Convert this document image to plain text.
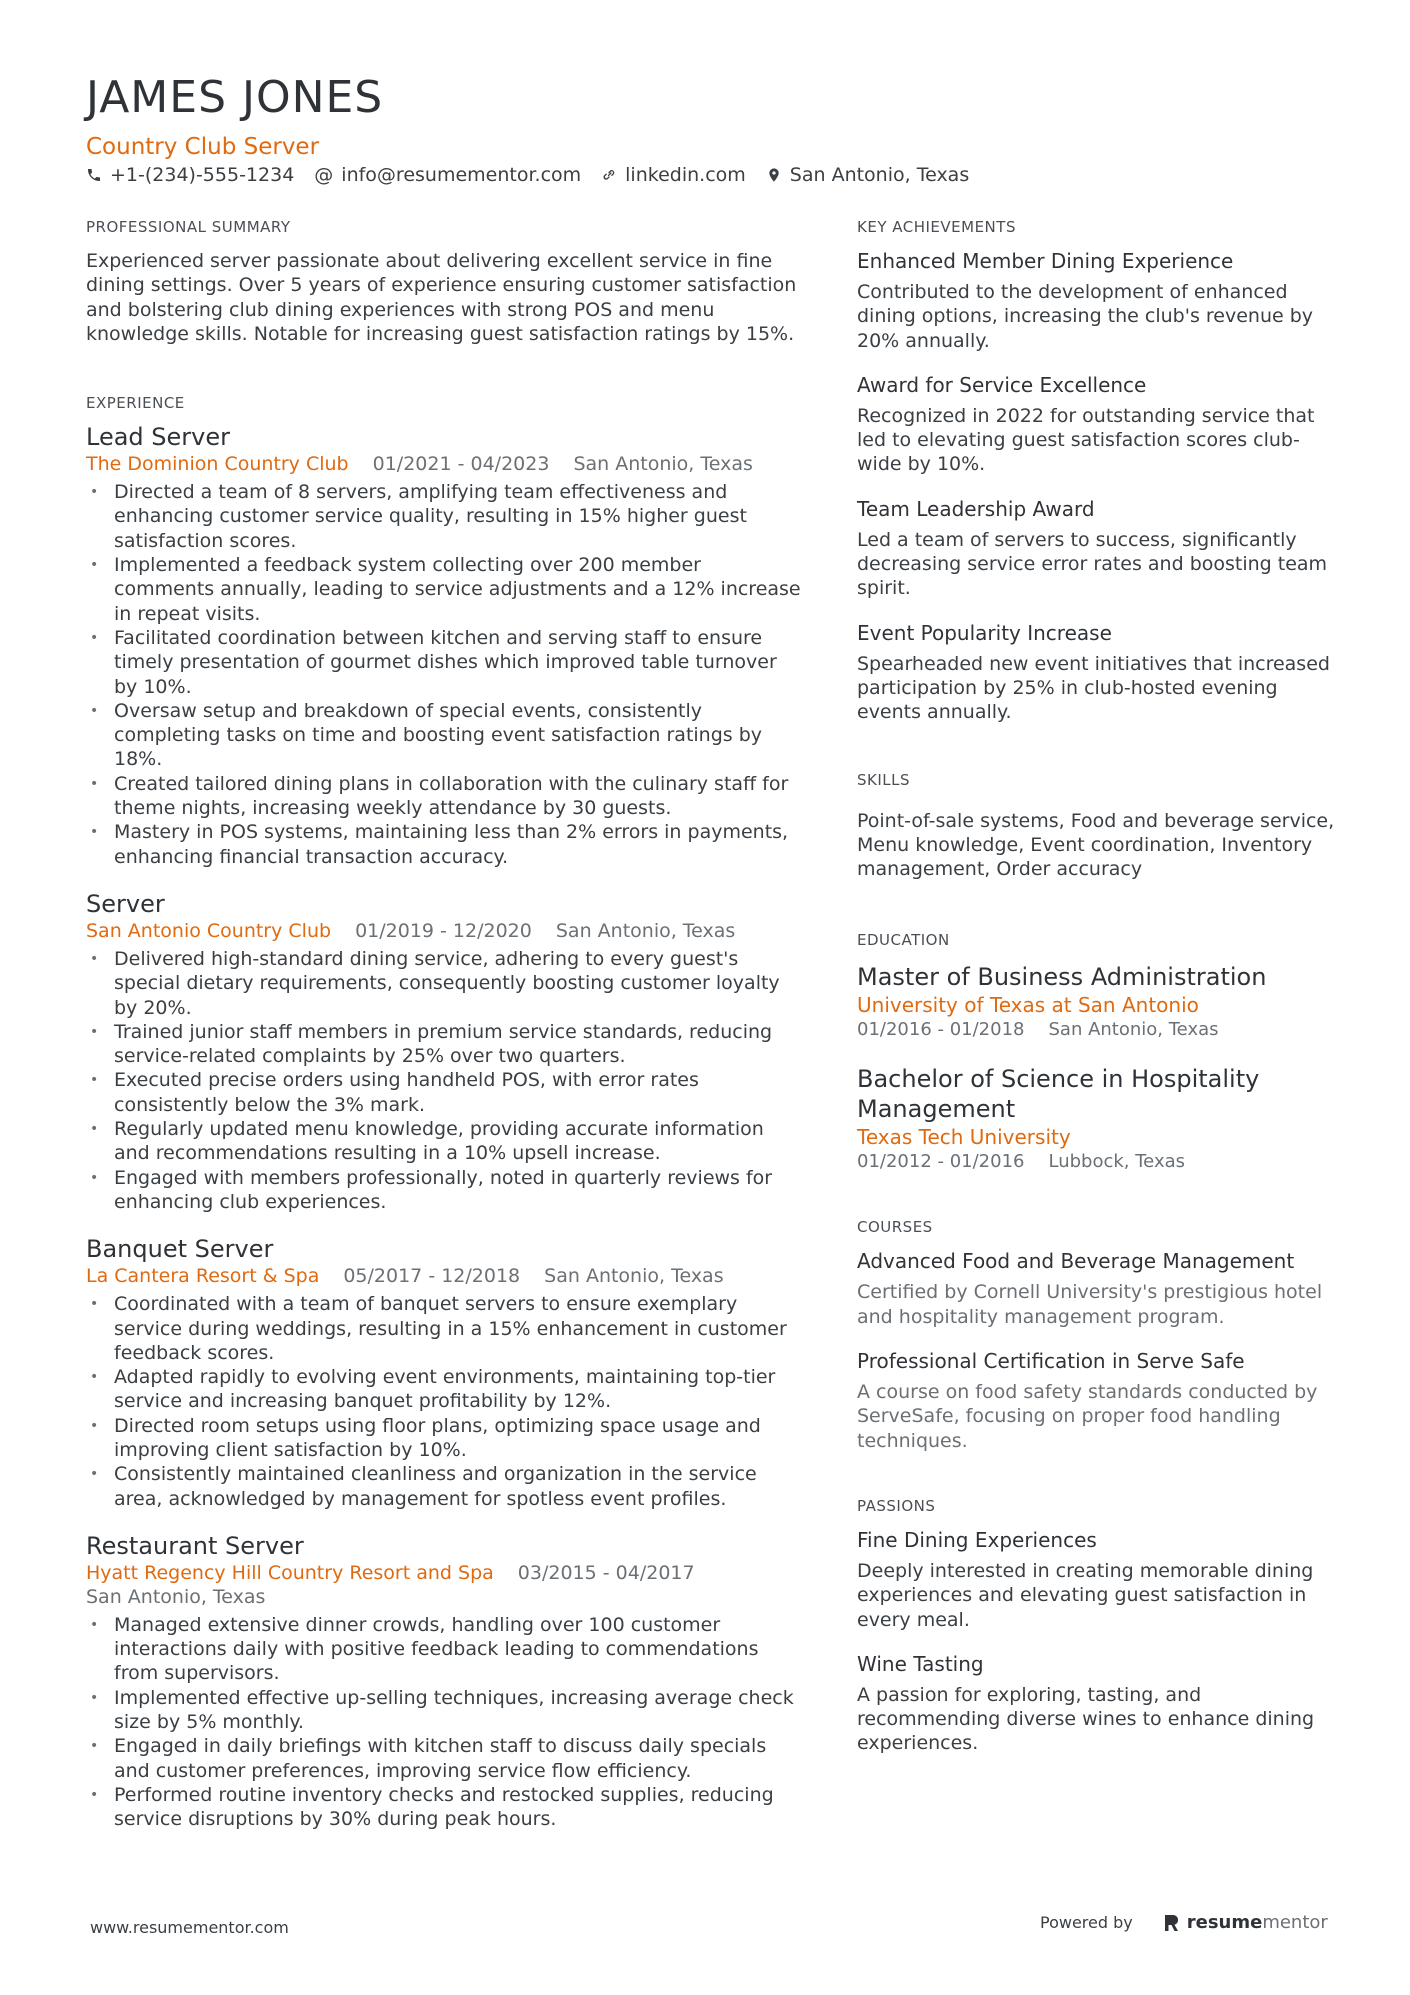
JAMES JONES
Country Club Server
+1-(234)-555-1234 @ info@resumementor.com linkedin.com San Antonio, Texas
PROFESSIONAL SUMMARY

Experienced server passionate about delivering excellent service in fine dining settings. Over 5 years of experience ensuring customer satisfaction and bolstering club dining experiences with strong POS and menu knowledge skills. Notable for increasing guest satisfaction ratings by 15%.

EXPERIENCE
Lead Server
The Dominion Country Club 01/2021 - 04/2023 San Antonio, Texas
• Directed a team of 8 servers, amplifying team effectiveness and enhancing customer service quality, resulting in 15% higher guest satisfaction scores.
• Implemented a feedback system collecting over 200 member comments annually, leading to service adjustments and a 12% increase in repeat visits.
• Facilitated coordination between kitchen and serving staff to ensure timely presentation of gourmet dishes which improved table turnover by 10%.
• Oversaw setup and breakdown of special events, consistently completing tasks on time and boosting event satisfaction ratings by 18%.
• Created tailored dining plans in collaboration with the culinary staff for theme nights, increasing weekly attendance by 30 guests.
• Mastery in POS systems, maintaining less than 2% errors in payments, enhancing financial transaction accuracy.
Server
San Antonio Country Club 01/2019 - 12/2020 San Antonio, Texas
• Delivered high-standard dining service, adhering to every guest's special dietary requirements, consequently boosting customer loyalty by 20%.
• Trained junior staff members in premium service standards, reducing service-related complaints by 25% over two quarters.
• Executed precise orders using handheld POS, with error rates consistently below the 3% mark.
• Regularly updated menu knowledge, providing accurate information and recommendations resulting in a 10% upsell increase.
• Engaged with members professionally, noted in quarterly reviews for enhancing club experiences.
Banquet Server
La Cantera Resort & Spa 05/2017 - 12/2018 San Antonio, Texas
• Coordinated with a team of banquet servers to ensure exemplary service during weddings, resulting in a 15% enhancement in customer feedback scores.
• Adapted rapidly to evolving event environments, maintaining top-tier service and increasing banquet profitability by 12%.
• Directed room setups using floor plans, optimizing space usage and improving client satisfaction by 10%.
• Consistently maintained cleanliness and organization in the service area, acknowledged by management for spotless event profiles.
Restaurant Server
Hyatt Regency Hill Country Resort and Spa 03/2015 - 04/2017
San Antonio, Texas
• Managed extensive dinner crowds, handling over 100 customer interactions daily with positive feedback leading to commendations from supervisors.
• Implemented effective up-selling techniques, increasing average check size by 5% monthly.
• Engaged in daily briefings with kitchen staff to discuss daily specials and customer preferences, improving service flow efficiency.
• Performed routine inventory checks and restocked supplies, reducing service disruptions by 30% during peak hours.
KEY ACHIEVEMENTS
Enhanced Member Dining Experience
Contributed to the development of enhanced dining options, increasing the club's revenue by 20% annually.
Award for Service Excellence
Recognized in 2022 for outstanding service that led to elevating guest satisfaction scores club-wide by 10%.
Team Leadership Award
Led a team of servers to success, significantly decreasing service error rates and boosting team spirit.
Event Popularity Increase
Spearheaded new event initiatives that increased participation by 25% in club-hosted evening events annually.
SKILLS

Point-of-sale systems, Food and beverage service, Menu knowledge, Event coordination, Inventory management, Order accuracy

EDUCATION
Master of Business Administration
University of Texas at San Antonio
01/2016 - 01/2018 San Antonio, Texas
Bachelor of Science in Hospitality Management
Texas Tech University
01/2012 - 01/2016 Lubbock, Texas
COURSES
Advanced Food and Beverage Management
Certified by Cornell University's prestigious hotel and hospitality management program.
Professional Certification in Serve Safe
A course on food safety standards conducted by ServeSafe, focusing on proper food handling techniques.
PASSIONS
Fine Dining Experiences
Deeply interested in creating memorable dining experiences and elevating guest satisfaction in every meal.
Wine Tasting
A passion for exploring, tasting, and recommending diverse wines to enhance dining experiences.
www.resumementor.com	Powered by	resumementor
